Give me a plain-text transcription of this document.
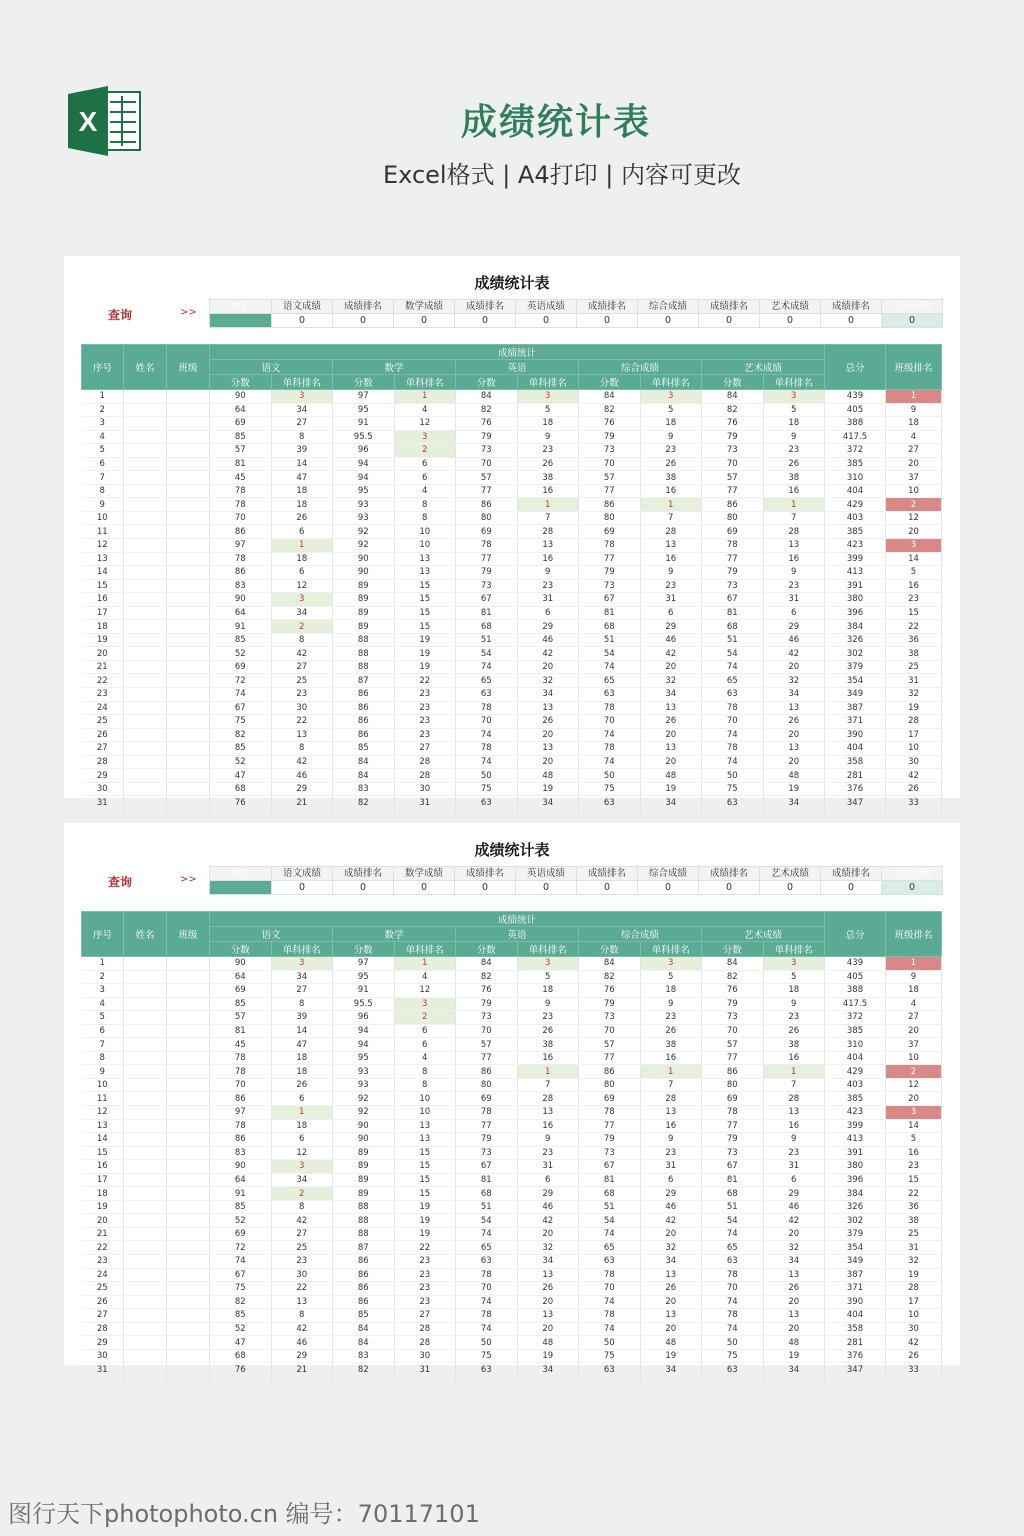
X	成绩统计表
Excel格式 | A4打印 | 内容可更改
成绩统计表
查询	>>
姓名	语文成绩	成绩排名	数学成绩	成绩排名	英语成绩	成绩排名	综合成绩	成绩排名	艺术成绩	成绩排名	合计分数
	0	0	0	0	0	0	0	0	0	0	0
序号	姓名	班级	成绩统计										总分	班级排名
			语文		数学		英语		综合成绩		艺术成绩			
			分数	单科排名	分数	单科排名	分数	单科排名	分数	单科排名	分数	单科排名		
1			90	3	97	1	84	3	84	3	84	3	439	1
2			64	34	95	4	82	5	82	5	82	5	405	9
3			69	27	91	12	76	18	76	18	76	18	388	18
4			85	8	95.5	3	79	9	79	9	79	9	417.5	4
5			57	39	96	2	73	23	73	23	73	23	372	27
6			81	14	94	6	70	26	70	26	70	26	385	20
7			45	47	94	6	57	38	57	38	57	38	310	37
8			78	18	95	4	77	16	77	16	77	16	404	10
9			78	18	93	8	86	1	86	1	86	1	429	2
10			70	26	93	8	80	7	80	7	80	7	403	12
11			86	6	92	10	69	28	69	28	69	28	385	20
12			97	1	92	10	78	13	78	13	78	13	423	3
13			78	18	90	13	77	16	77	16	77	16	399	14
14			86	6	90	13	79	9	79	9	79	9	413	5
15			83	12	89	15	73	23	73	23	73	23	391	16
16			90	3	89	15	67	31	67	31	67	31	380	23
17			64	34	89	15	81	6	81	6	81	6	396	15
18			91	2	89	15	68	29	68	29	68	29	384	22
19			85	8	88	19	51	46	51	46	51	46	326	36
20			52	42	88	19	54	42	54	42	54	42	302	38
21			69	27	88	19	74	20	74	20	74	20	379	25
22			72	25	87	22	65	32	65	32	65	32	354	31
23			74	23	86	23	63	34	63	34	63	34	349	32
24			67	30	86	23	78	13	78	13	78	13	387	19
25			75	22	86	23	70	26	70	26	70	26	371	28
26			82	13	86	23	74	20	74	20	74	20	390	17
27			85	8	85	27	78	13	78	13	78	13	404	10
28			52	42	84	28	74	20	74	20	74	20	358	30
29			47	46	84	28	50	48	50	48	50	48	281	42
30			68	29	83	30	75	19	75	19	75	19	376	26
31			76	21	82	31	63	34	63	34	63	34	347	33

成绩统计表
查询	>>
姓名	语文成绩	成绩排名	数学成绩	成绩排名	英语成绩	成绩排名	综合成绩	成绩排名	艺术成绩	成绩排名	合计分数
	0	0	0	0	0	0	0	0	0	0	0
序号	姓名	班级	成绩统计										总分	班级排名
			语文		数学		英语		综合成绩		艺术成绩			
			分数	单科排名	分数	单科排名	分数	单科排名	分数	单科排名	分数	单科排名		
1			90	3	97	1	84	3	84	3	84	3	439	1
2			64	34	95	4	82	5	82	5	82	5	405	9
3			69	27	91	12	76	18	76	18	76	18	388	18
4			85	8	95.5	3	79	9	79	9	79	9	417.5	4
5			57	39	96	2	73	23	73	23	73	23	372	27
6			81	14	94	6	70	26	70	26	70	26	385	20
7			45	47	94	6	57	38	57	38	57	38	310	37
8			78	18	95	4	77	16	77	16	77	16	404	10
9			78	18	93	8	86	1	86	1	86	1	429	2
10			70	26	93	8	80	7	80	7	80	7	403	12
11			86	6	92	10	69	28	69	28	69	28	385	20
12			97	1	92	10	78	13	78	13	78	13	423	3
13			78	18	90	13	77	16	77	16	77	16	399	14
14			86	6	90	13	79	9	79	9	79	9	413	5
15			83	12	89	15	73	23	73	23	73	23	391	16
16			90	3	89	15	67	31	67	31	67	31	380	23
17			64	34	89	15	81	6	81	6	81	6	396	15
18			91	2	89	15	68	29	68	29	68	29	384	22
19			85	8	88	19	51	46	51	46	51	46	326	36
20			52	42	88	19	54	42	54	42	54	42	302	38
21			69	27	88	19	74	20	74	20	74	20	379	25
22			72	25	87	22	65	32	65	32	65	32	354	31
23			74	23	86	23	63	34	63	34	63	34	349	32
24			67	30	86	23	78	13	78	13	78	13	387	19
25			75	22	86	23	70	26	70	26	70	26	371	28
26			82	13	86	23	74	20	74	20	74	20	390	17
27			85	8	85	27	78	13	78	13	78	13	404	10
28			52	42	84	28	74	20	74	20	74	20	358	30
29			47	46	84	28	50	48	50	48	50	48	281	42
30			68	29	83	30	75	19	75	19	75	19	376	26
31			76	21	82	31	63	34	63	34	63	34	347	33

图行天下photophoto.cn 编号：70117101
